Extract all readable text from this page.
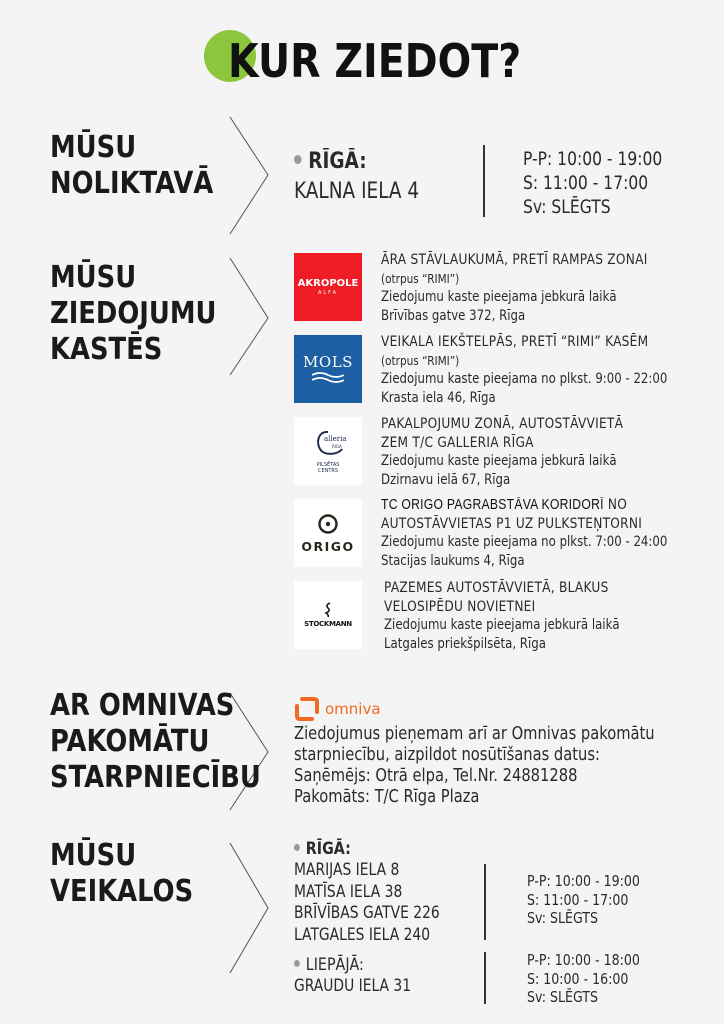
KUR ZIEDOT?
MŪSU
NOLIKTAVĀ
RĪGĀ:
KALNA IELA 4
P-P: 10:00 - 19:00
S: 11:00 - 17:00
Sv: SLĒGTS
MŪSU
ZIEDOJUMU
KASTĒS
AKROPOLE
ALFA
ĀRA STĀVLAUKUMĀ, PRETĪ RAMPAS ZONAI
(otrpus “RIMI”)
Ziedojumu kaste pieejama jebkurā laikā
Brīvības gatve 372, Rīga
MOLS
VEIKALA IEKŠTELPĀS, PRETĪ “RIMI” KASĒM
(otrpus “RIMI”)
Ziedojumu kaste pieejama no plkst. 9:00 - 22:00
Krasta iela 46, Rīga
alleria
RIGA
PILSĒTAS
CENTRS
PAKALPOJUMU ZONĀ, AUTOSTĀVVIETĀ
ZEM T/C GALLERIA RĪGA
Ziedojumu kaste pieejama jebkurā laikā
Dzirnavu ielā 67, Rīga
ORIGO
TC ORIGO PAGRABSTĀVA KORIDORĪ NO
AUTOSTĀVVIETAS P1 UZ PULKSTEŅTORNI
Ziedojumu kaste pieejama no plkst. 7:00 - 24:00
Stacijas laukums 4, Rīga
STOCKMANN
PAZEMES AUTOSTĀVVIETĀ, BLAKUS
VELOSIPĒDU NOVIETNEI
Ziedojumu kaste pieejama jebkurā laikā
Latgales priekšpilsēta, Rīga
AR OMNIVAS
PAKOMĀTU
STARPNIECĪBU
omniva
Ziedojumus pieņemam arī ar Omnivas pakomātu
starpniecību, aizpildot nosūtīšanas datus:
Saņēmējs: Otrā elpa, Tel.Nr. 24881288
Pakomāts: T/C Rīga Plaza
MŪSU
VEIKALOS
RĪGĀ:
MARIJAS IELA 8
MATĪSA IELA 38
BRĪVĪBAS GATVE 226
LATGALES IELA 240
P-P: 10:00 - 19:00
S: 11:00 - 17:00
Sv: SLĒGTS
LIEPĀJĀ:
GRAUDU IELA 31
P-P: 10:00 - 18:00
S: 10:00 - 16:00
Sv: SLĒGTS
